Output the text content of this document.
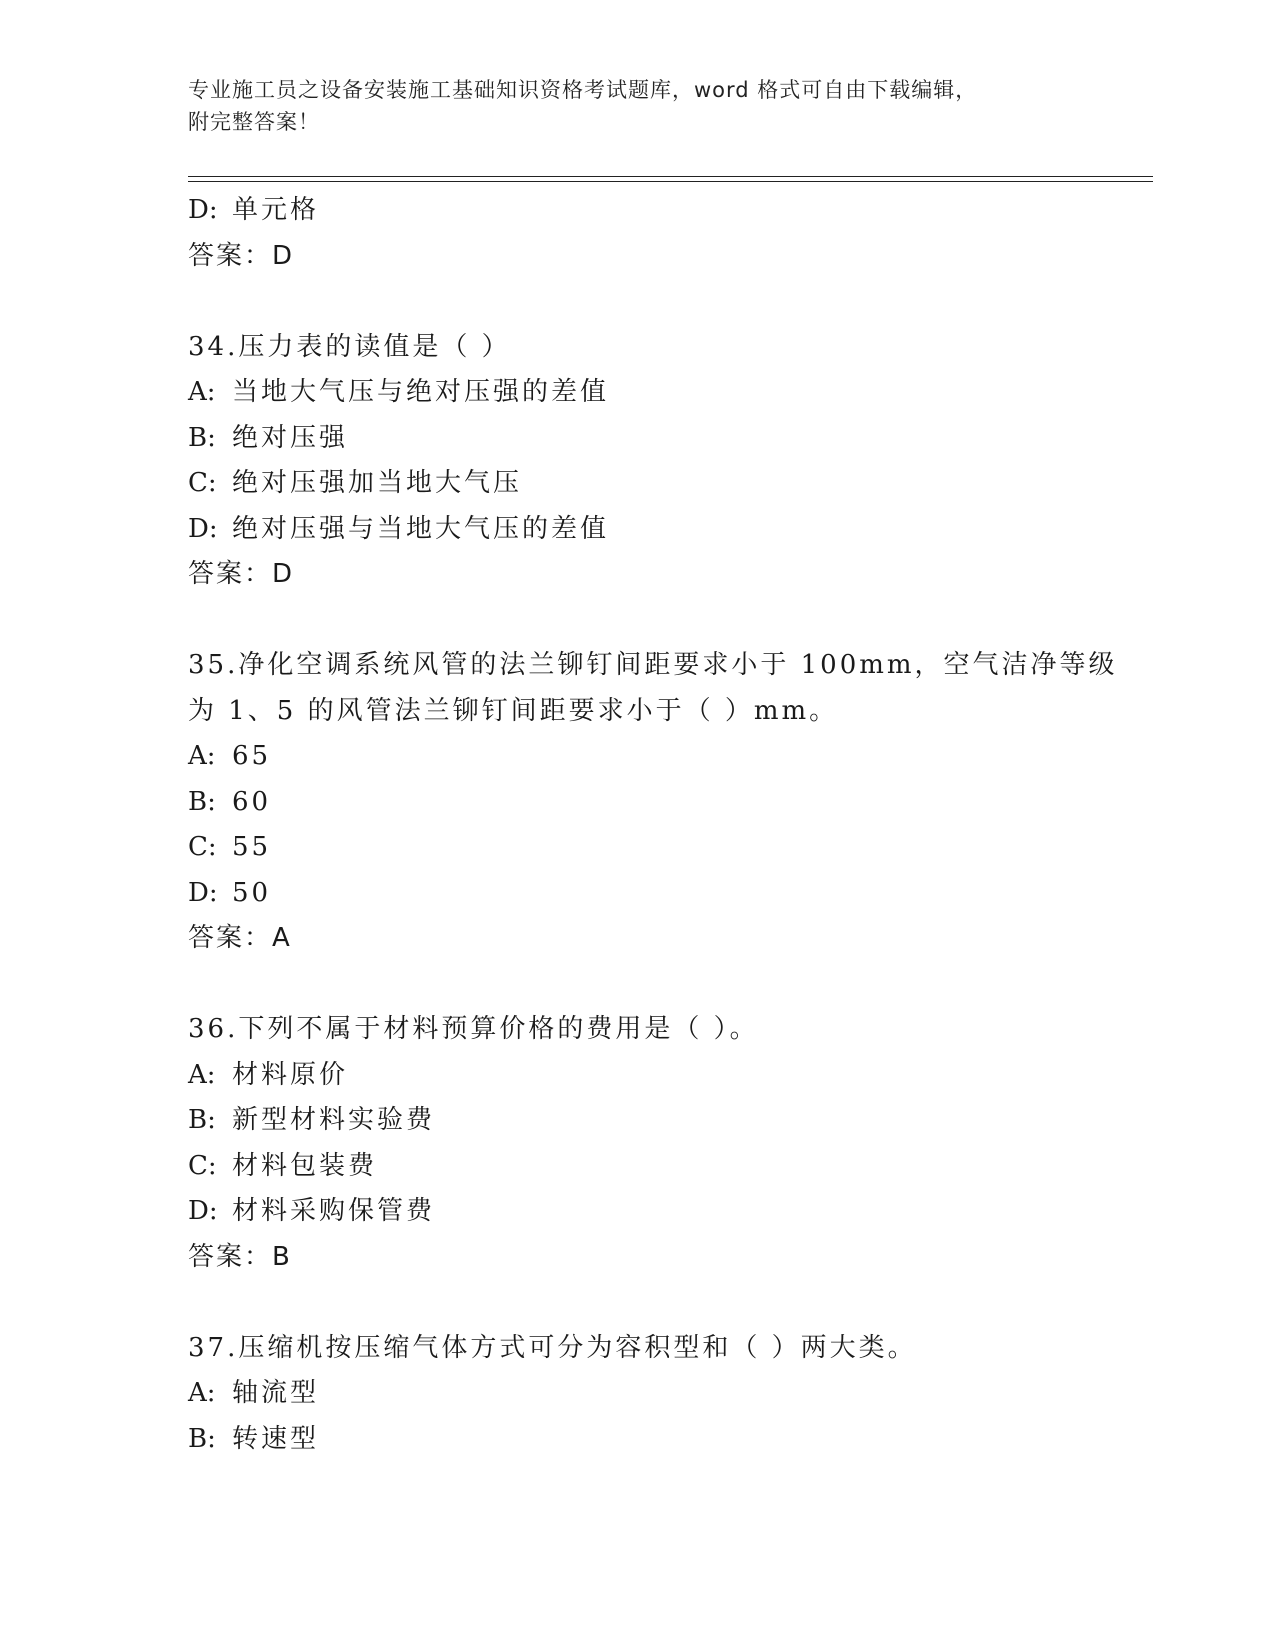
专业施工员之设备安装施工基础知识资格考试题库，word 格式可自由下载编辑，
附完整答案！
D: 单元格
答案：D
34.压力表的读值是（ ）
A: 当地大气压与绝对压强的差值
B: 绝对压强
C: 绝对压强加当地大气压
D: 绝对压强与当地大气压的差值
答案：D
35.净化空调系统风管的法兰铆钉间距要求小于 100mm，空气洁净等级
为 1、5 的风管法兰铆钉间距要求小于（ ）mm。
A: 65
B: 60
C: 55
D: 50
答案：A
36.下列不属于材料预算价格的费用是（ ）。
A: 材料原价
B: 新型材料实验费
C: 材料包装费
D: 材料采购保管费
答案：B
37.压缩机按压缩气体方式可分为容积型和（ ）两大类。
A: 轴流型
B: 转速型
